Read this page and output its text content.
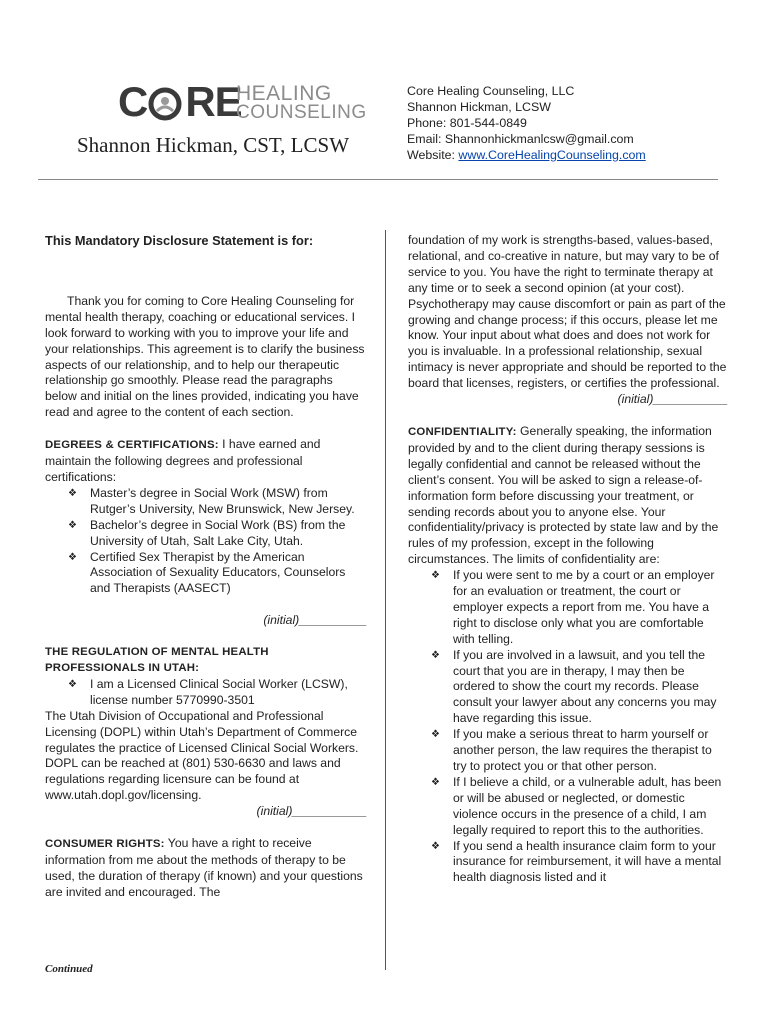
C RE
HEALING
COUNSELING
Shannon Hickman, CST, LCSW
Core Healing Counseling, LLC
Shannon Hickman, LCSW
Phone: 801-544-0849
Email: Shannonhickmanlcsw@gmail.com
Website: www.CoreHealingCounseling.com

This Mandatory Disclosure Statement is for:

Thank you for coming to Core Healing Counseling for mental health therapy, coaching or educational services. I look forward to working with you to improve your life and your relationships. This agreement is to clarify the business aspects of our relationship, and to help our therapeutic relationship go smoothly. Please read the paragraphs below and initial on the lines provided, indicating you have read and agree to the content of each section.

DEGREES & CERTIFICATIONS: I have earned and maintain the following degrees and professional certifications:

❖ Master’s degree in Social Work (MSW) from Rutger’s University, New Brunswick, New Jersey.
❖ Bachelor’s degree in Social Work (BS) from the University of Utah, Salt Lake City, Utah.
❖ Certified Sex Therapist by the American Association of Sexuality Educators, Counselors and Therapists (AASECT)

(initial)__________

THE REGULATION OF MENTAL HEALTH PROFESSIONALS IN UTAH:

❖ I am a Licensed Clinical Social Worker (LCSW), license number 5770990-3501

The Utah Division of Occupational and Professional Licensing (DOPL) within Utah’s Department of Commerce regulates the practice of Licensed Clinical Social Workers. DOPL can be reached at (801) 530-6630 and laws and regulations regarding licensure can be found at www.utah.dopl.gov/licensing.

(initial)___________

CONSUMER RIGHTS: You have a right to receive information from me about the methods of therapy to be used, the duration of therapy (if known) and your questions are invited and encouraged. The

Continued

foundation of my work is strengths-based, values-based, relational, and co-creative in nature, but may vary to be of service to you. You have the right to terminate therapy at any time or to seek a second opinion (at your cost). Psychotherapy may cause discomfort or pain as part of the growing and change process; if this occurs, please let me know. Your input about what does and does not work for you is invaluable. In a professional relationship, sexual intimacy is never appropriate and should be reported to the board that licenses, registers, or certifies the professional.

(initial)___________

CONFIDENTIALITY: Generally speaking, the information provided by and to the client during therapy sessions is legally confidential and cannot be released without the client’s consent. You will be asked to sign a release-of-information form before discussing your treatment, or sending records about you to anyone else. Your confidentiality/privacy is protected by state law and by the rules of my profession, except in the following circumstances. The limits of confidentiality are:

❖ If you were sent to me by a court or an employer for an evaluation or treatment, the court or employer expects a report from me. You have a right to disclose only what you are comfortable with telling.
❖ If you are involved in a lawsuit, and you tell the court that you are in therapy, I may then be ordered to show the court my records. Please consult your lawyer about any concerns you may have regarding this issue.
❖ If you make a serious threat to harm yourself or another person, the law requires the therapist to try to protect you or that other person.
❖ If I believe a child, or a vulnerable adult, has been or will be abused or neglected, or domestic violence occurs in the presence of a child, I am legally required to report this to the authorities.
❖ If you send a health insurance claim form to your insurance for reimbursement, it will have a mental health diagnosis listed and it
